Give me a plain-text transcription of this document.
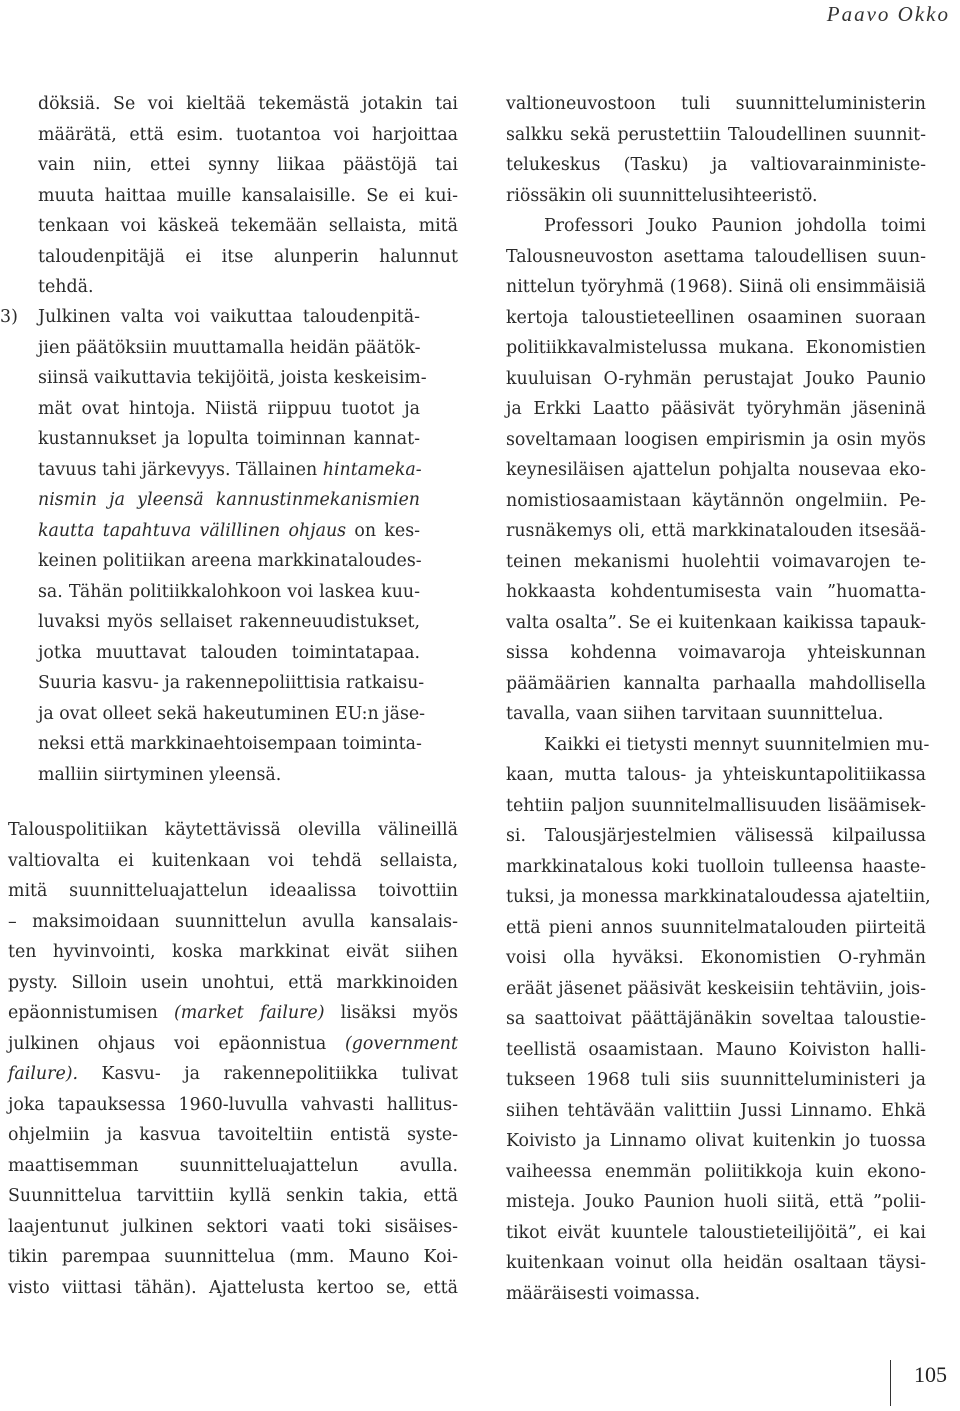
Paavo Okko
döksiä. Se voi kieltää tekemästä jotakin tai
määrätä, että esim. tuotantoa voi harjoittaa
vain niin, ettei synny liikaa päästöjä tai
muuta haittaa muille kansalaisille. Se ei kui-
tenkaan voi käskeä tekemään sellaista, mitä
taloudenpitäjä ei itse alunperin halunnut
tehdä.
3) Julkinen valta voi vaikuttaa taloudenpitä-
jien päätöksiin muuttamalla heidän päätök-
siinsä vaikuttavia tekijöitä, joista keskeisim-
mät ovat hintoja. Niistä riippuu tuotot ja
kustannukset ja lopulta toiminnan kannat-
tavuus tahi järkevyys. Tällainen hintameka-
nismin ja yleensä kannustinmekanismien
kautta tapahtuva välillinen ohjaus on kes-
keinen politiikan areena markkinataloudes-
sa. Tähän politiikkalohkoon voi laskea kuu-
luvaksi myös sellaiset rakenneuudistukset,
jotka muuttavat talouden toimintatapaa.
Suuria kasvu- ja rakennepoliittisia ratkaisu-
ja ovat olleet sekä hakeutuminen EU:n jäse-
neksi että markkinaehtoisempaan toiminta-
malliin siirtyminen yleensä.
Talouspolitiikan käytettävissä olevilla välineillä
valtiovalta ei kuitenkaan voi tehdä sellaista,
mitä suunnitteluajattelun ideaalissa toivottiin
– maksimoidaan suunnittelun avulla kansalais-
ten hyvinvointi, koska markkinat eivät siihen
pysty. Silloin usein unohtui, että markkinoiden
epäonnistumisen (market failure) lisäksi myös
julkinen ohjaus voi epäonnistua (government
failure). Kasvu- ja rakennepolitiikka tulivat
joka tapauksessa 1960-luvulla vahvasti hallitus-
ohjelmiin ja kasvua tavoiteltiin entistä syste-
maattisemman suunnitteluajattelun avulla.
Suunnittelua tarvittiin kyllä senkin takia, että
laajentunut julkinen sektori vaati toki sisäises-
tikin parempaa suunnittelua (mm. Mauno Koi-
visto viittasi tähän). Ajattelusta kertoo se, että
valtioneuvostoon tuli suunnitteluministerin
salkku sekä perustettiin Taloudellinen suunnit-
telukeskus (Tasku) ja valtiovarainministe-
riössäkin oli suunnittelusihteeristö.
Professori Jouko Paunion johdolla toimi
Talousneuvoston asettama taloudellisen suun-
nittelun työryhmä (1968). Siinä oli ensimmäisiä
kertoja taloustieteellinen osaaminen suoraan
politiikkavalmistelussa mukana. Ekonomistien
kuuluisan O-ryhmän perustajat Jouko Paunio
ja Erkki Laatto pääsivät työryhmän jäseninä
soveltamaan loogisen empirismin ja osin myös
keynesiläisen ajattelun pohjalta nousevaa eko-
nomistiosaamistaan käytännön ongelmiin. Pe-
rusnäkemys oli, että markkinatalouden itsesää-
teinen mekanismi huolehtii voimavarojen te-
hokkaasta kohdentumisesta vain ”huomatta-
valta osalta”. Se ei kuitenkaan kaikissa tapauk-
sissa kohdenna voimavaroja yhteiskunnan
päämäärien kannalta parhaalla mahdollisella
tavalla, vaan siihen tarvitaan suunnittelua.
Kaikki ei tietysti mennyt suunnitelmien mu-
kaan, mutta talous- ja yhteiskuntapolitiikassa
tehtiin paljon suunnitelmallisuuden lisäämisek-
si. Talousjärjestelmien välisessä kilpailussa
markkinatalous koki tuolloin tulleensa haaste-
tuksi, ja monessa markkinataloudessa ajateltiin,
että pieni annos suunnitelmatalouden piirteitä
voisi olla hyväksi. Ekonomistien O-ryhmän
eräät jäsenet pääsivät keskeisiin tehtäviin, jois-
sa saattoivat päättäjänäkin soveltaa taloustie-
teellistä osaamistaan. Mauno Koiviston halli-
tukseen 1968 tuli siis suunnitteluministeri ja
siihen tehtävään valittiin Jussi Linnamo. Ehkä
Koivisto ja Linnamo olivat kuitenkin jo tuossa
vaiheessa enemmän poliitikkoja kuin ekono-
misteja. Jouko Paunion huoli siitä, että ”polii-
tikot eivät kuuntele taloustieteilijöitä”, ei kai
kuitenkaan voinut olla heidän osaltaan täysi-
määräisesti voimassa.
105
